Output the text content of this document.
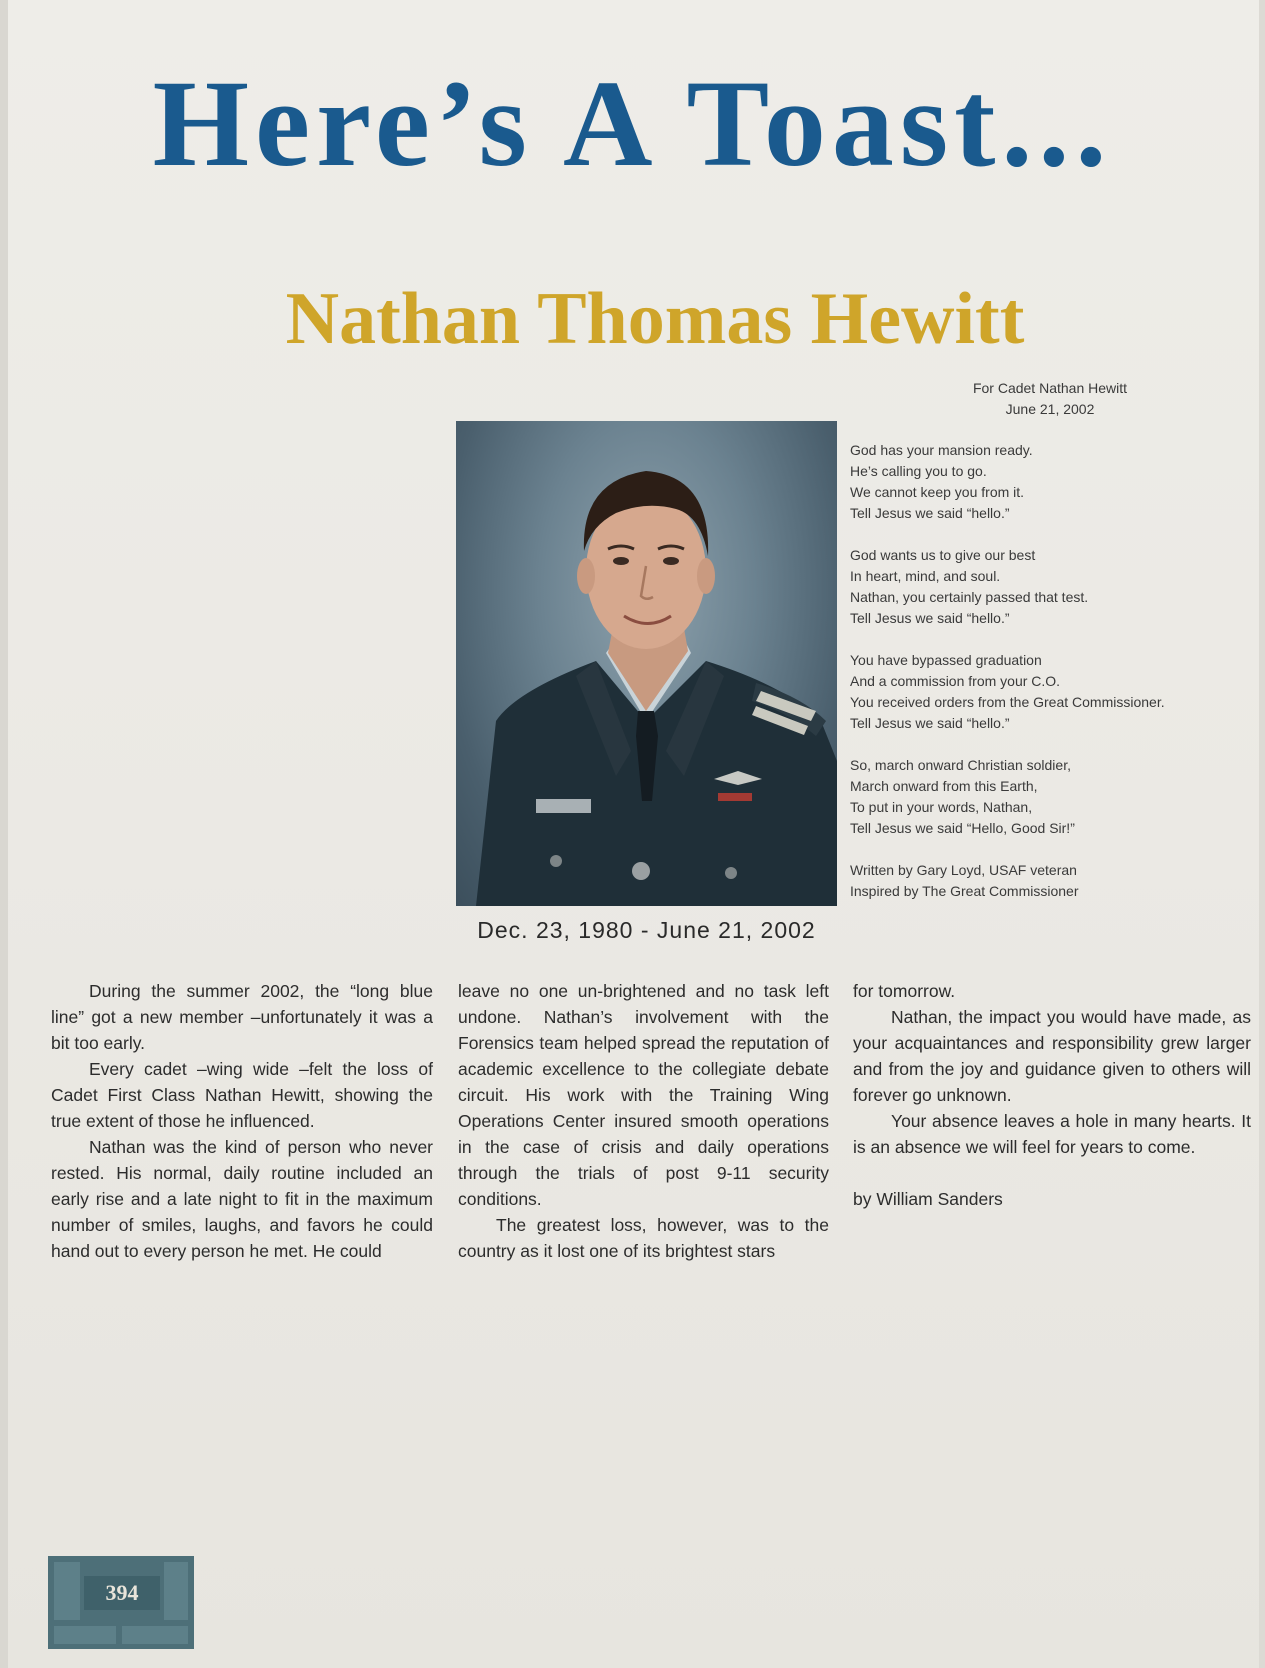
Here’s A Toast...
Nathan Thomas Hewitt
For Cadet Nathan Hewitt
June 21, 2002
Dec. 23, 1980 - June 21, 2002
God has your mansion ready.
He’s calling you to go.
We cannot keep you from it.
Tell Jesus we said “hello.”
God wants us to give our best
In heart, mind, and soul.
Nathan, you certainly passed that test.
Tell Jesus we said “hello.”
You have bypassed graduation
And a commission from your C.O.
You received orders from the Great Commissioner.
Tell Jesus we said “hello.”
So, march onward Christian soldier,
March onward from this Earth,
To put in your words, Nathan,
Tell Jesus we said “Hello, Good Sir!”
Written by Gary Loyd, USAF veteran
Inspired by The Great Commissioner

During the summer 2002, the “long blue line” got a new member –unfortunately it was a bit too early.

Every cadet –wing wide –felt the loss of Cadet First Class Nathan Hewitt, showing the true extent of those he influenced.

Nathan was the kind of person who never rested. His normal, daily routine included an early rise and a late night to fit in the maximum number of smiles, laughs, and favors he could hand out to every person he met. He could

leave no one un-brightened and no task left undone. Nathan’s involvement with the Forensics team helped spread the reputation of academic excellence to the collegiate debate circuit. His work with the Training Wing Operations Center insured smooth operations in the case of crisis and daily operations through the trials of post 9-11 security conditions.

The greatest loss, however, was to the country as it lost one of its brightest stars

for tomorrow.

Nathan, the impact you would have made, as your acquaintances and responsibility grew larger and from the joy and guidance given to others will forever go unknown.

Your absence leaves a hole in many hearts. It is an absence we will feel for years to come.

by William Sanders

394
